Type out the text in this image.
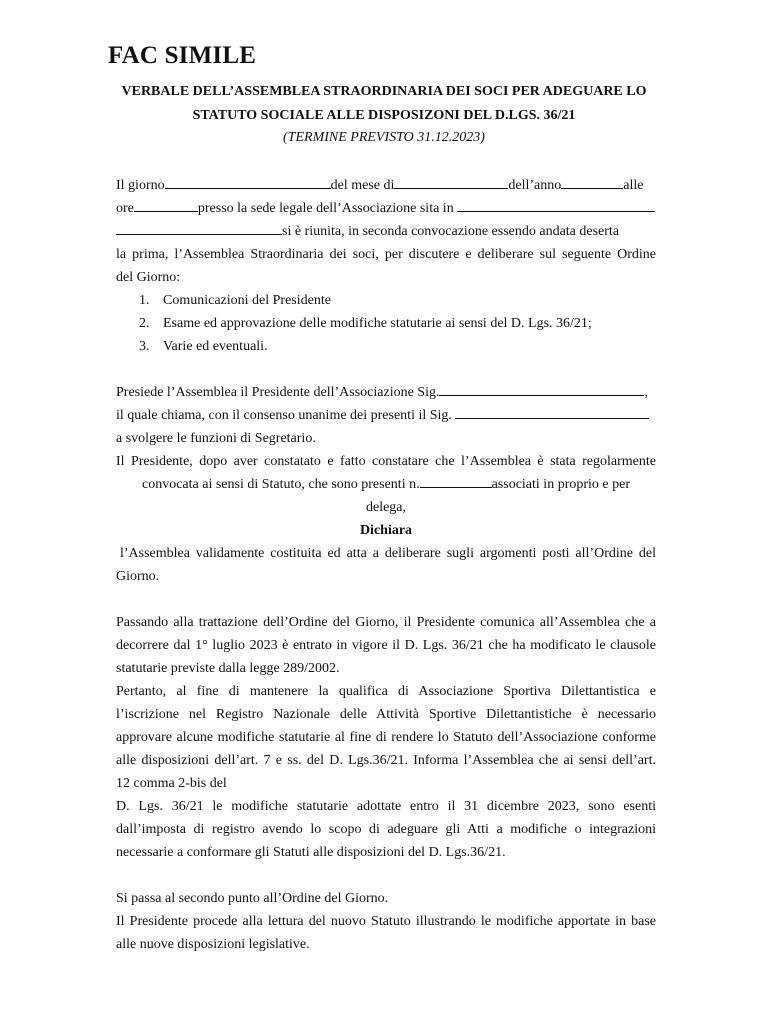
FAC SIMILE
VERBALE DELL’ASSEMBLEA STRAORDINARIA DEI SOCI PER ADEGUARE LO
STATUTO SOCIALE ALLE DISPOSIZONI DEL D.LGS. 36/21
(TERMINE PREVISTO 31.12.2023)
Il giorno	del mese di	dell’anno	alle
ore	presso la sede legale dell’Associazione sita in
si è riunita, in seconda convocazione essendo andata deserta
la prima, l’Assemblea Straordinaria dei soci, per discutere e deliberare sul seguente Ordine
del Giorno:
1. Comunicazioni del Presidente
2. Esame ed approvazione delle modifiche statutarie ai sensi del D. Lgs. 36/21;
3. Varie ed eventuali.
Presiede l’Assemblea il Presidente dell’Associazione Sig.	,
il quale chiama, con il consenso unanime dei presenti il Sig.
a svolgere le funzioni di Segretario.
Il Presidente, dopo aver constatato e fatto constatare che l’Assemblea è stata regolarmente
convocata ai sensi di Statuto, che sono presenti n.	associati in proprio e per
delega,
Dichiara
l’Assemblea validamente costituita ed atta a deliberare sugli argomenti posti all’Ordine del
Giorno.
Passando alla trattazione dell’Ordine del Giorno, il Presidente comunica all’Assemblea che a
decorrere dal 1° luglio 2023 è entrato in vigore il D. Lgs. 36/21 che ha modificato le clausole
statutarie previste dalla legge 289/2002.
Pertanto, al fine di mantenere la qualifica di Associazione Sportiva Dilettantistica e
l’iscrizione nel Registro Nazionale delle Attività Sportive Dilettantistiche è necessario
approvare alcune modifiche statutarie al fine di rendere lo Statuto dell’Associazione conforme
alle disposizioni dell’art. 7 e ss. del D. Lgs.36/21. Informa l’Assemblea che ai sensi dell’art.
12 comma 2-bis del
D. Lgs. 36/21 le modifiche statutarie adottate entro il 31 dicembre 2023, sono esenti
dall’imposta di registro avendo lo scopo di adeguare gli Atti a modifiche o integrazioni
necessarie a conformare gli Statuti alle disposizioni del D. Lgs.36/21.
Si passa al secondo punto all’Ordine del Giorno.
Il Presidente procede alla lettura del nuovo Statuto illustrando le modifiche apportate in base
alle nuove disposizioni legislative.
